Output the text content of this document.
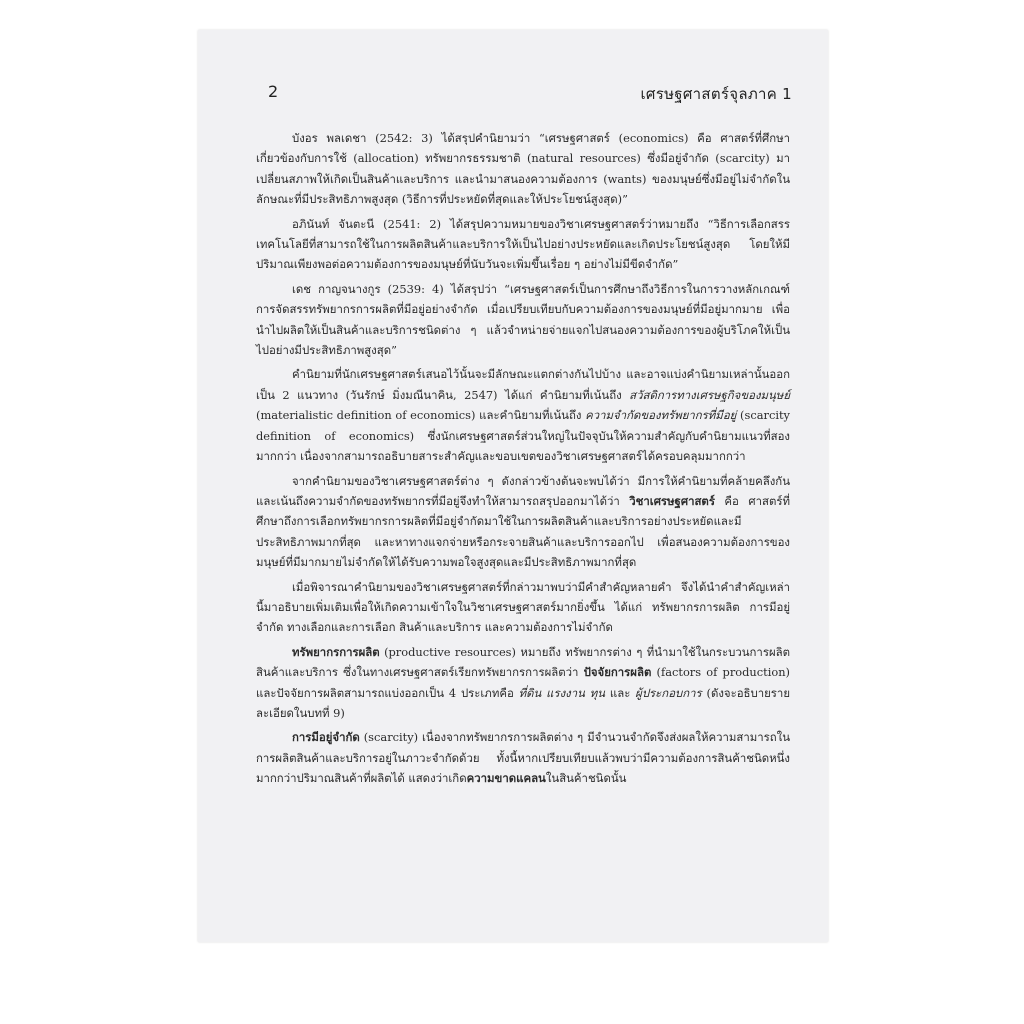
2	เศรษฐศาสตร์จุลภาค 1

บังอร พลเดชา (2542: 3) ได้สรุปคำนิยามว่า “เศรษฐศาสตร์ (economics) คือ ศาสตร์ที่ศึกษาเกี่ยวข้องกับการใช้ (allocation) ทรัพยากรธรรมชาติ (natural resources) ซึ่งมีอยู่จำกัด (scarcity) มาเปลี่ยนสภาพให้เกิดเป็นสินค้าและบริการ และนำมาสนองความต้องการ (wants) ของมนุษย์ซึ่งมีอยู่ไม่จำกัดในลักษณะที่มีประสิทธิภาพสูงสุด (วิธีการที่ประหยัดที่สุดและให้ประโยชน์สูงสุด)”

อภินันท์ จันตะนี (2541: 2) ได้สรุปความหมายของวิชาเศรษฐศาสตร์ว่าหมายถึง “วิธีการเลือกสรรเทคโนโลยีที่สามารถใช้ในการผลิตสินค้าและบริการให้เป็นไปอย่างประหยัดและเกิดประโยชน์สูงสุด โดยให้มีปริมาณเพียงพอต่อความต้องการของมนุษย์ที่นับวันจะเพิ่มขึ้นเรื่อย ๆ อย่างไม่มีขีดจำกัด”

เดช กาญจนางกูร (2539: 4) ได้สรุปว่า “เศรษฐศาสตร์เป็นการศึกษาถึงวิธีการในการวางหลักเกณฑ์การจัดสรรทรัพยากรการผลิตที่มีอยู่อย่างจำกัด เมื่อเปรียบเทียบกับความต้องการของมนุษย์ที่มีอยู่มากมาย เพื่อนำไปผลิตให้เป็นสินค้าและบริการชนิดต่าง ๆ แล้วจำหน่ายจ่ายแจกไปสนองความต้องการของผู้บริโภคให้เป็นไปอย่างมีประสิทธิภาพสูงสุด”

คำนิยามที่นักเศรษฐศาสตร์เสนอไว้นั้นจะมีลักษณะแตกต่างกันไปบ้าง และอาจแบ่งคำนิยามเหล่านั้นออกเป็น 2 แนวทาง (วันรักษ์ มิ่งมณีนาคิน, 2547) ได้แก่ คำนิยามที่เน้นถึง สวัสดิการทางเศรษฐกิจของมนุษย์ (materialistic definition of economics) และคำนิยามที่เน้นถึง ความจำกัดของทรัพยากรที่มีอยู่ (scarcity definition of economics) ซึ่งนักเศรษฐศาสตร์ส่วนใหญ่ในปัจจุบันให้ความสำคัญกับคำนิยามแนวที่สองมากกว่า เนื่องจากสามารถอธิบายสาระสำคัญและขอบเขตของวิชาเศรษฐศาสตร์ได้ครอบคลุมมากกว่า

จากคำนิยามของวิชาเศรษฐศาสตร์ต่าง ๆ ดังกล่าวข้างต้นจะพบได้ว่า มีการให้คำนิยามที่คล้ายคลึงกันและเน้นถึงความจำกัดของทรัพยากรที่มีอยู่จึงทำให้สามารถสรุปออกมาได้ว่า วิชาเศรษฐศาสตร์ คือ ศาสตร์ที่ศึกษาถึงการเลือกทรัพยากรการผลิตที่มีอยู่จำกัดมาใช้ในการผลิตสินค้าและบริการอย่างประหยัดและมีประสิทธิภาพมากที่สุด และหาทางแจกจ่ายหรือกระจายสินค้าและบริการออกไป เพื่อสนองความต้องการของมนุษย์ที่มีมากมายไม่จำกัดให้ได้รับความพอใจสูงสุดและมีประสิทธิภาพมากที่สุด

เมื่อพิจารณาคำนิยามของวิชาเศรษฐศาสตร์ที่กล่าวมาพบว่ามีคำสำคัญหลายคำ จึงได้นำคำสำคัญเหล่านี้มาอธิบายเพิ่มเติมเพื่อให้เกิดความเข้าใจในวิชาเศรษฐศาสตร์มากยิ่งขึ้น ได้แก่ ทรัพยากรการผลิต การมีอยู่จำกัด ทางเลือกและการเลือก สินค้าและบริการ และความต้องการไม่จำกัด

ทรัพยากรการผลิต (productive resources) หมายถึง ทรัพยากรต่าง ๆ ที่นำมาใช้ในกระบวนการผลิตสินค้าและบริการ ซึ่งในทางเศรษฐศาสตร์เรียกทรัพยากรการผลิตว่า ปัจจัยการผลิต (factors of production) และปัจจัยการผลิตสามารถแบ่งออกเป็น 4 ประเภทคือ ที่ดิน แรงงาน ทุน และ ผู้ประกอบการ (ดังจะอธิบายรายละเอียดในบทที่ 9)

การมีอยู่จำกัด (scarcity) เนื่องจากทรัพยากรการผลิตต่าง ๆ มีจำนวนจำกัดจึงส่งผลให้ความสามารถในการผลิตสินค้าและบริการอยู่ในภาวะจำกัดด้วย ทั้งนี้หากเปรียบเทียบแล้วพบว่ามีความต้องการสินค้าชนิดหนึ่งมากกว่าปริมาณสินค้าที่ผลิตได้ แสดงว่าเกิดความขาดแคลนในสินค้าชนิดนั้น
